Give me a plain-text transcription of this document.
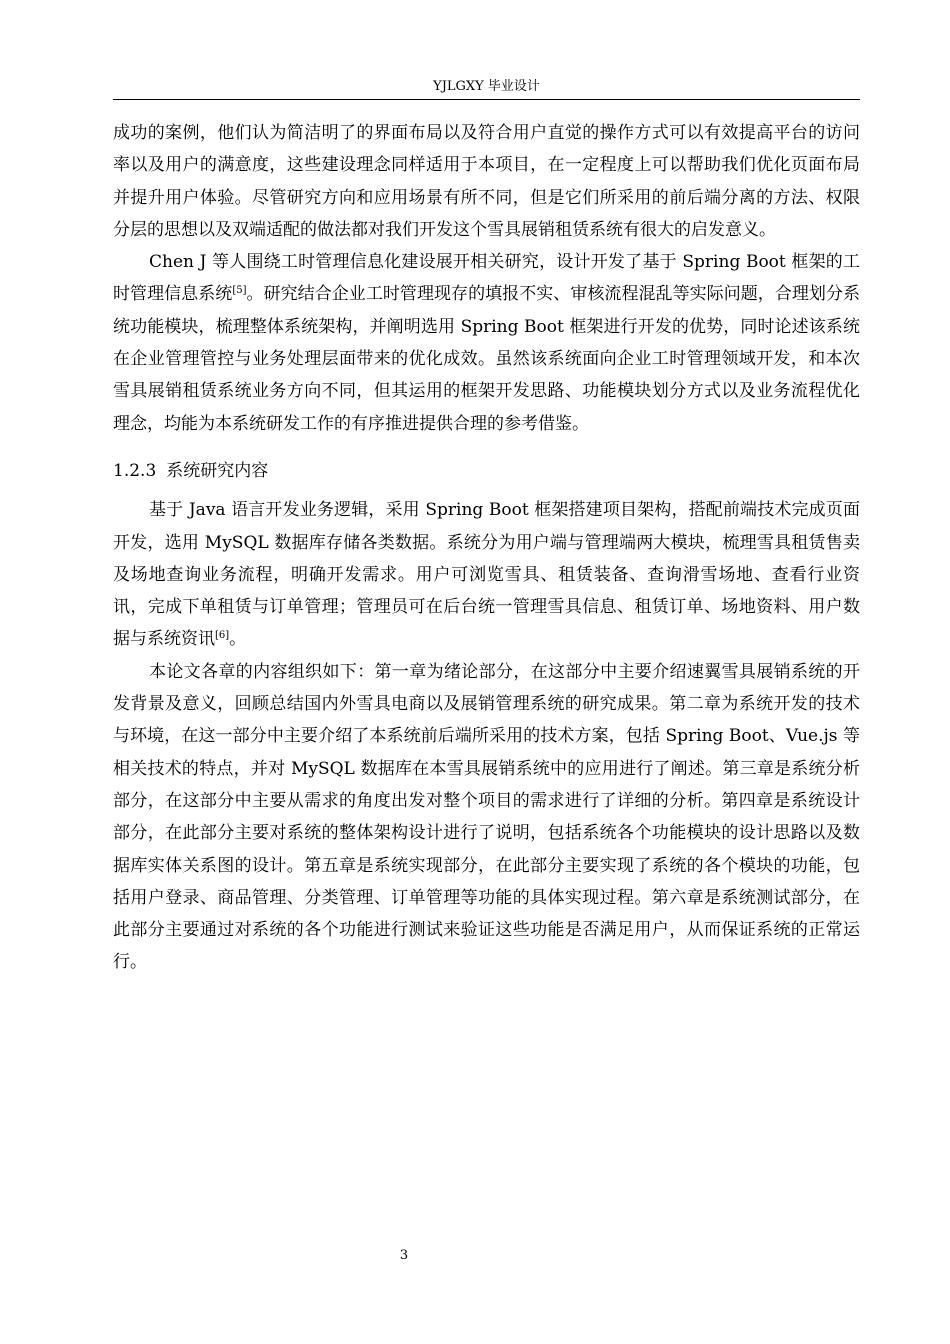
YJLGXY 毕业设计

成功的案例，他们认为简洁明了的界面布局以及符合用户直觉的操作方式可以有效提高平台的访问率以及用户的满意度，这些建设理念同样适用于本项目，在一定程度上可以帮助我们优化页面布局并提升用户体验。尽管研究方向和应用场景有所不同，但是它们所采用的前后端分离的方法、权限分层的思想以及双端适配的做法都对我们开发这个雪具展销租赁系统有很大的启发意义。

Chen J 等人围绕工时管理信息化建设展开相关研究，设计开发了基于 Spring Boot 框架的工时管理信息系统[5]。研究结合企业工时管理现存的填报不实、审核流程混乱等实际问题，合理划分系统功能模块，梳理整体系统架构，并阐明选用 Spring Boot 框架进行开发的优势，同时论述该系统在企业管理管控与业务处理层面带来的优化成效。虽然该系统面向企业工时管理领域开发，和本次雪具展销租赁系统业务方向不同，但其运用的框架开发思路、功能模块划分方式以及业务流程优化理念，均能为本系统研发工作的有序推进提供合理的参考借鉴。

1.2.3 系统研究内容

基于 Java 语言开发业务逻辑，采用 Spring Boot 框架搭建项目架构，搭配前端技术完成页面开发，选用 MySQL 数据库存储各类数据。系统分为用户端与管理端两大模块，梳理雪具租赁售卖及场地查询业务流程，明确开发需求。用户可浏览雪具、租赁装备、查询滑雪场地、查看行业资讯，完成下单租赁与订单管理；管理员可在后台统一管理雪具信息、租赁订单、场地资料、用户数据与系统资讯[6]。

本论文各章的内容组织如下：第一章为绪论部分，在这部分中主要介绍速翼雪具展销系统的开发背景及意义，回顾总结国内外雪具电商以及展销管理系统的研究成果。第二章为系统开发的技术与环境，在这一部分中主要介绍了本系统前后端所采用的技术方案，包括 Spring Boot、Vue.js 等相关技术的特点，并对 MySQL 数据库在本雪具展销系统中的应用进行了阐述。第三章是系统分析部分，在这部分中主要从需求的角度出发对整个项目的需求进行了详细的分析。第四章是系统设计部分，在此部分主要对系统的整体架构设计进行了说明，包括系统各个功能模块的设计思路以及数据库实体关系图的设计。第五章是系统实现部分，在此部分主要实现了系统的各个模块的功能，包括用户登录、商品管理、分类管理、订单管理等功能的具体实现过程。第六章是系统测试部分，在此部分主要通过对系统的各个功能进行测试来验证这些功能是否满足用户，从而保证系统的正常运行。

3
